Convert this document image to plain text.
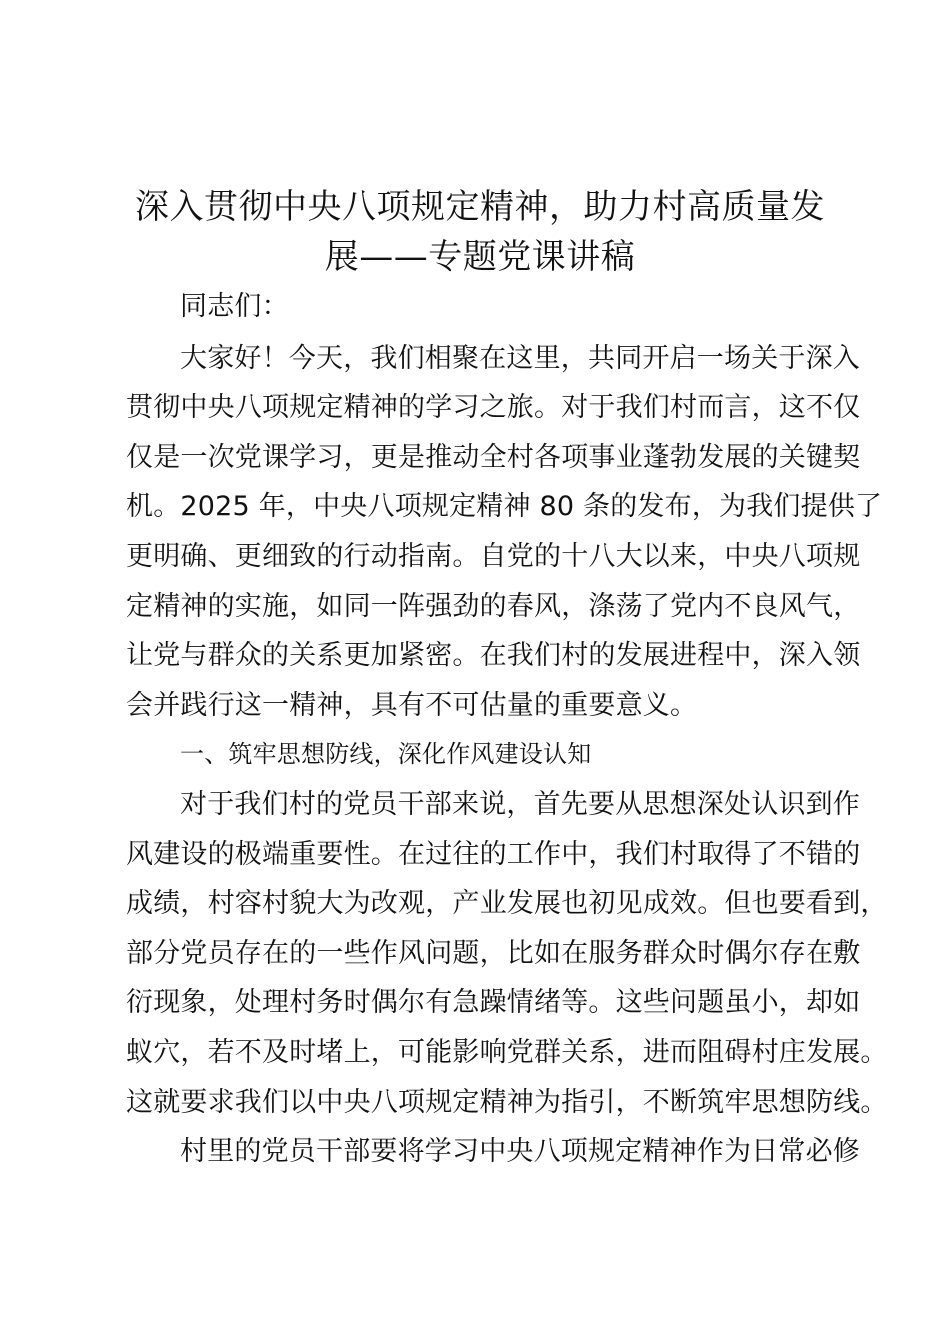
深入贯彻中央八项规定精神，助力村高质量发
展——专题党课讲稿
同志们：
大家好！今天，我们相聚在这里，共同开启一场关于深入
贯彻中央八项规定精神的学习之旅。对于我们村而言，这不仅
仅是一次党课学习，更是推动全村各项事业蓬勃发展的关键契
机。2025 年，中央八项规定精神 80 条的发布，为我们提供了
更明确、更细致的行动指南。自党的十八大以来，中央八项规
定精神的实施，如同一阵强劲的春风，涤荡了党内不良风气，
让党与群众的关系更加紧密。在我们村的发展进程中，深入领
会并践行这一精神，具有不可估量的重要意义。
一、筑牢思想防线，深化作风建设认知
对于我们村的党员干部来说，首先要从思想深处认识到作
风建设的极端重要性。在过往的工作中，我们村取得了不错的
成绩，村容村貌大为改观，产业发展也初见成效。但也要看到，
部分党员存在的一些作风问题，比如在服务群众时偶尔存在敷
衍现象，处理村务时偶尔有急躁情绪等。这些问题虽小，却如
蚁穴，若不及时堵上，可能影响党群关系，进而阻碍村庄发展。
这就要求我们以中央八项规定精神为指引，不断筑牢思想防线。
村里的党员干部要将学习中央八项规定精神作为日常必修
